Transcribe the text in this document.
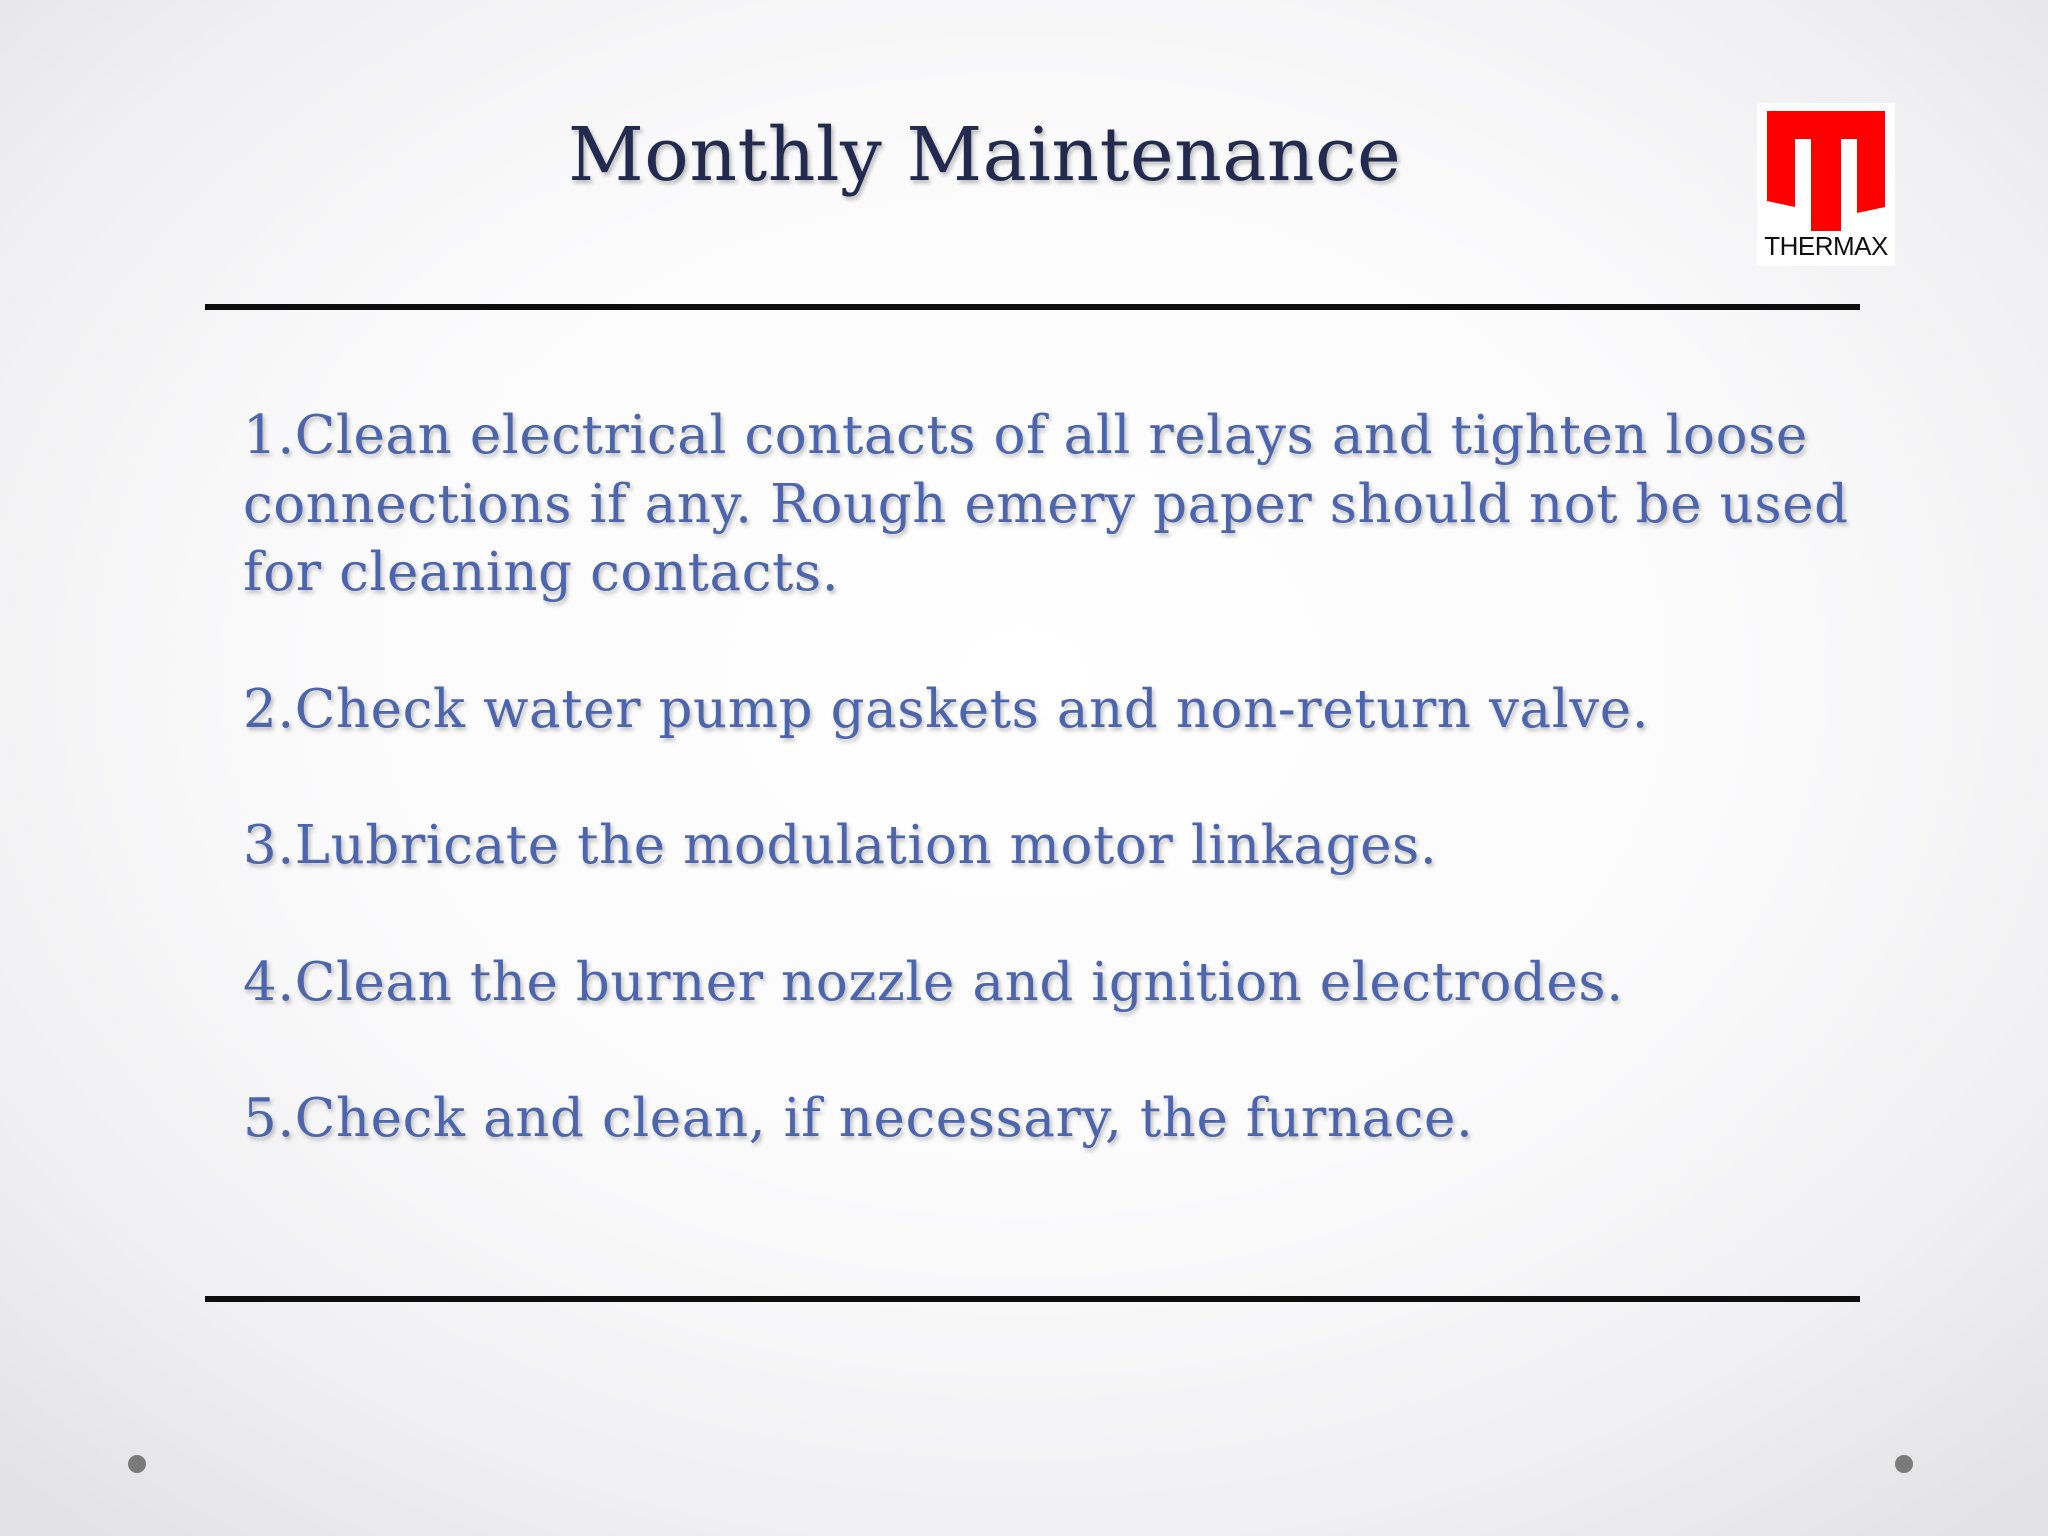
Monthly Maintenance
THERMAX

1.Clean electrical contacts of all relays and tighten loose connections if any. Rough emery paper should not be used for cleaning contacts.

2.Check water pump gaskets and non-return valve.

3.Lubricate the modulation motor linkages.

4.Clean the burner nozzle and ignition electrodes.

5.Check and clean, if necessary, the furnace.
